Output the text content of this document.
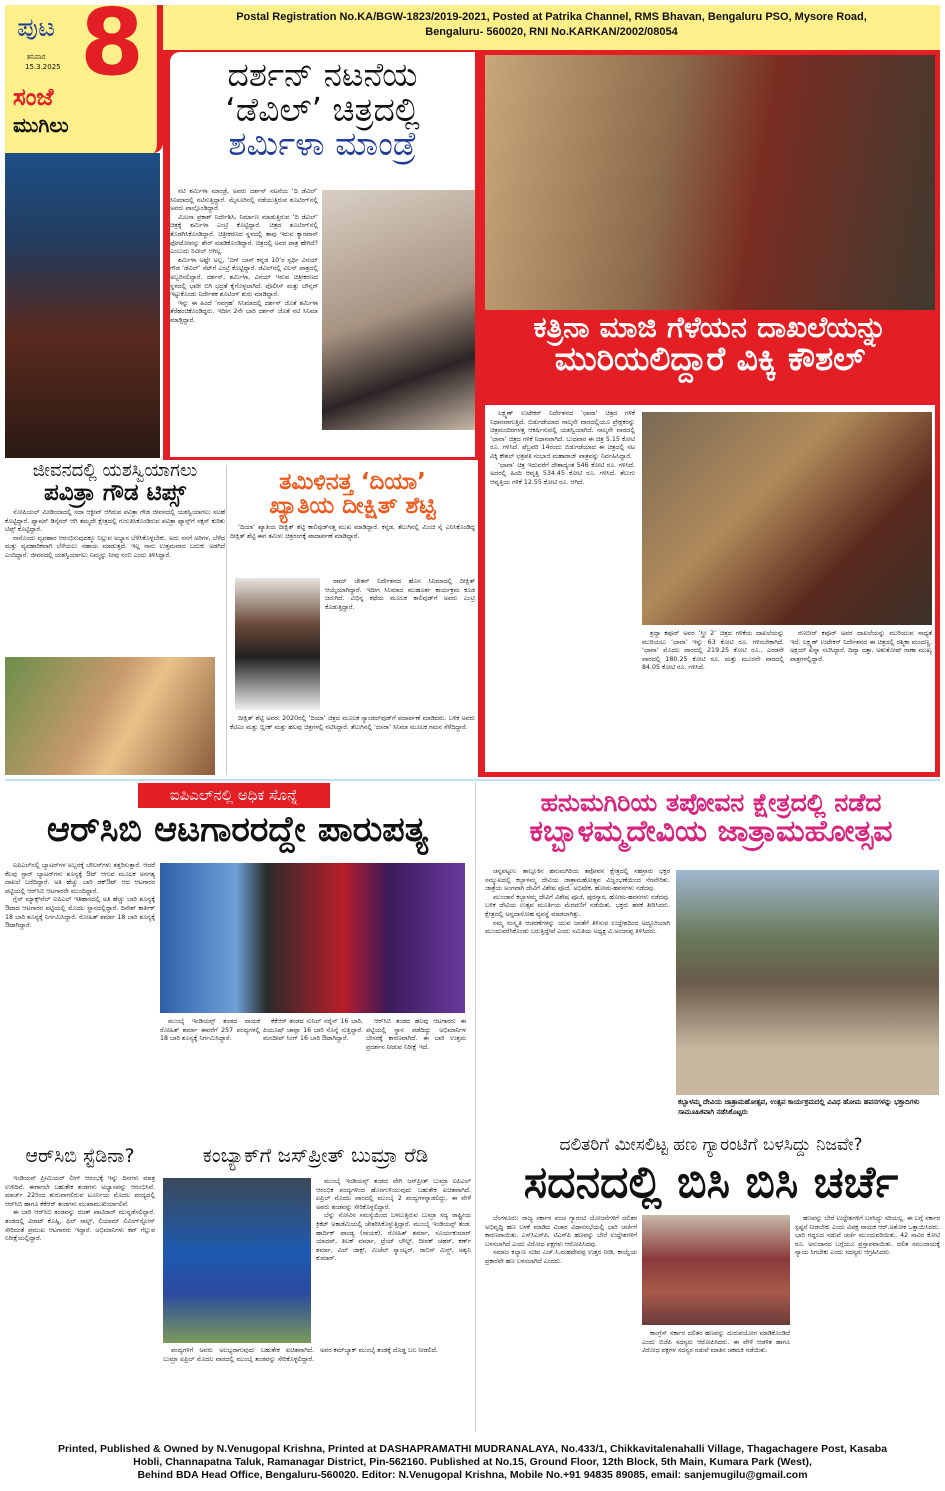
ಪುಟ 8
ಶನಿವಾರ
15.3.2025
ಸಂಜೆ
ಮುಗಿಲು
Postal Registration No.KA/BGW-1823/2019-2021, Posted at Patrika Channel, RMS Bhavan, Bengaluru PSO, Mysore Road,
Bengaluru- 560020, RNI No.KARKAN/2002/08054
ದರ್ಶನ್ ನಟನೆಯ
‘ಡೆವಿಲ್’ ಚಿತ್ರದಲ್ಲಿ
ಶರ್ಮಿಳಾ ಮಾಂಡ್ರೆ

ನಟಿ ಶರ್ಮಿಳಾ ಮಾಂಡ್ರೆ, ಅವರು ದರ್ಶನ್ ನಟನೆಯ ‘ದಿ ಡೆವಿಲ್’ ಸಿನಿಮಾದಲ್ಲಿ ನಟಿಸುತ್ತಿದ್ದಾರೆ. ಮೈಸೂರಿನಲ್ಲಿ ನಡೆಯುತ್ತಿರುವ ಶೂಟಿಂಗ್‌ನಲ್ಲಿ ಅವರು ಪಾಲ್ಗೊಂಡಿದ್ದಾರೆ.

ಮಿಲನಾ ಪ್ರಕಾಶ್ ನಿರ್ದೇಶಿಸಿ, ನಿರ್ಮಾಣ ಮಾಡುತ್ತಿರುವ ‘ದಿ ಡೆವಿಲ್’ ಚಿತ್ರಕ್ಕೆ ಶರ್ಮಿಳಾ ಎಂಟ್ರಿ ಕೊಟ್ಟಿದ್ದಾರೆ. ಚಿತ್ರದ ಶೂಟಿಂಗ್‌ನಲ್ಲಿ ತೊಡಗಿಸಿಕೊಂಡಿದ್ದಾರೆ. ಚಿತ್ರೀಕರಣದ ಸ್ಥಳದಲ್ಲಿ ತಾವು ಇರುವ ಕ್ಯಾರವಾನ್ ಫೋಟೋವನ್ನು ಶೇರ್ ಮಾಡಿಕೊಂಡಿದ್ದಾರೆ. ಚಿತ್ರದಲ್ಲಿ ಅವರ ಪಾತ್ರ ಹೇಗಿದೆ? ಎಂಬುದು ರಿವೀಲ್ ಆಗಿಲ್ಲ.

ಶರ್ಮಿಳಾ ಅಷ್ಟೇ ಅಲ್ಲ, ‘ಬಿಗ್ ಬಾಸ್ ಕನ್ನಡ 10’ರ ಸ್ಪರ್ಧಿ ವಿನಯ್ ಗೌಡ ‘ಡೆವಿಲ್’ ಸೆಟ್‌ಗೆ ಎಂಟ್ರಿ ಕೊಟ್ಟಿದ್ದಾರೆ. ಡೆವಿಲ್‌ನಲ್ಲಿ ವಿಲನ್ ಪಾತ್ರದಲ್ಲಿ ಅಬ್ಬರಿಸಲಿದ್ದಾರೆ. ದರ್ಶನ್, ಶರ್ಮಿಳಾ, ವಿನಯ್ ಇರುವ ಚಿತ್ರೀಕರಣದ ಸ್ಥಳದಲ್ಲಿ ಭಾರೀ ಬಿಗಿ ಭದ್ರತೆ ಕೈಗೊಳ್ಳಲಾಗಿದೆ. ಪೊಲೀಸ್ ಮತ್ತು ಬೌನ್ಸರ್ ಇಟ್ಟುಕೊಂಡು ನಿರ್ದೇಶಕ ಶೂಟಿಂಗ್ ಶುರು ಮಾಡಿದ್ದಾರೆ.

ಇನ್ನು ಈ ಹಿಂದೆ ‘ನವಗ್ರಹ’ ಸಿನಿಮಾದಲ್ಲಿ ದರ್ಶನ್ ಜೊತೆ ಶರ್ಮಿಳಾ ತೆರೆಹಂಚಿಕೊಂಡಿದ್ದರು. ಇದೀಗ 2ನೇ ಬಾರಿ ದರ್ಶನ್ ಜೊತೆ ನಟಿ ಸಿನಿಮಾ ಮಾಡ್ತಿದ್ದಾರೆ.	ಕತ್ರಿನಾ ಮಾಜಿ ಗೆಳೆಯನ ದಾಖಲೆಯನ್ನು
ಮುರಿಯಲಿದ್ದಾರೆ ವಿಕ್ಕಿ ಕೌಶಲ್

ಲಕ್ಷ್ಮಣ್ ಉಟೇಕರ್ ನಿರ್ದೇಶನದ ‘ಛಾವಾ’ ಚಿತ್ರದ ಗಳಿಕೆ ನಿಧಾನವಾಗುತ್ತಿದೆ. ಬಿಡುಗಡೆಯಾದ ನಾಲ್ಕನೇ ವಾರದಲ್ಲಿಯೂ ಪ್ರೇಕ್ಷಕರನ್ನು ಚಿತ್ರಮಂದಿರಗಳತ್ತ ಆಕರ್ಷಿಸುವಲ್ಲಿ ಯಶಸ್ವಿಯಾಗಿದೆ. ನಾಲ್ಕನೇ ವಾರದಲ್ಲಿ ‘ಛಾವಾ’ ಚಿತ್ರದ ಗಳಿಕೆ ನಿಧಾನವಾಗಿದೆ. ಬುಧವಾರ ಈ ಚಿತ್ರ 5.15 ಕೋಟಿ ರೂ. ಗಳಿಸಿದೆ. ಫೆಬ್ರವರಿ 14ರಂದು ಬಿಡುಗಡೆಯಾದ ಈ ಚಿತ್ರದಲ್ಲಿ ನಟ ವಿಕ್ಕಿ ಕೌಶಲ್ ಛತ್ರಪತಿ ಸಂಭಾಜಿ ಮಹಾರಾಜ್ ಪಾತ್ರವನ್ನು ನಿರ್ವಹಿಸಿದ್ದಾರೆ.

‘ಛಾವಾ’ ಚಿತ್ರ ಇದುವರೆಗೆ ದೇಶಾದ್ಯಂತ 546 ಕೋಟಿ ರೂ. ಗಳಿಸಿದೆ. ಅದರಲ್ಲಿ ಹಿಂದಿ ಆವೃತ್ತಿ 534.45 ಕೋಟಿ ರೂ. ಗಳಿಸಿದೆ. ತೆಲುಗು ಆವೃತ್ತಿಯ ಗಳಿಕೆ 12.55 ಕೋಟಿ ರೂ. ಆಗಿದೆ.

ಶ್ರದ್ಧಾ ಕಪೂರ್ ಅವರ ‘ಸ್ತ್ರೀ 2’ ಚಿತ್ರದ ಗಳಿಕೆಯ ದಾಖಲೆಯನ್ನು ಮುರಿಯಲು ‘ಛಾವಾ’ ಇನ್ನು 63 ಕೋಟಿ ರೂ. ಗಳಿಸಬೇಕಾಗಿದೆ. ‘ಛಾವಾ’ ಮೊದಲ ವಾರದಲ್ಲಿ 219.25 ಕೋಟಿ ರೂ., ಎರಡನೇ ವಾರದಲ್ಲಿ 180.25 ಕೋಟಿ ರೂ. ಮತ್ತು ಮೂರನೇ ವಾರದಲ್ಲಿ 84.05 ಕೋಟಿ ರೂ. ಗಳಿಸಿದೆ.

ರಣಬೀರ್ ಕಪೂರ್ ಅವರ ದಾಖಲೆಯನ್ನು ಮುರಿಯುವ ಸಾಧ್ಯತೆ ಇದೆ. ಲಕ್ಷ್ಮಣ್ ಉಟೇಕರ್ ನಿರ್ದೇಶನದ ಈ ಚಿತ್ರದಲ್ಲಿ ರಶ್ಮಿಕಾ ಮಂದಣ್ಣ, ಅಕ್ಷಯ್ ಖನ್ನಾ ನಟಿಸಿದ್ದಾರೆ. ದಿವ್ಯಾ ದತ್ತಾ, ಅಶುತೋಷ್ ರಾಣಾ ಮುಖ್ಯ ಪಾತ್ರಗಳಲ್ಲಿದ್ದಾರೆ.

ಜೀವನದಲ್ಲಿ ಯಶಸ್ವಿಯಾಗಲು
ಪವಿತ್ರಾ ಗೌಡ ಟಿಪ್ಸ್

ಸೋಷಿಯಲ್ ಮೀಡಿಯಾದಲ್ಲಿ ಸದಾ ಆಕ್ಟೀವ್ ಆಗಿರುವ ಪವಿತ್ರಾ ಗೌಡ ಜೀವನದಲ್ಲಿ ಯಶಸ್ವಿಯಾಗಲು ಸಲಹೆ ಕೊಟ್ಟಿದ್ದಾರೆ. ಫ್ಯಾಷನ್ ಡಿಸೈನರ್ ಆಗಿ ತಮ್ಮದೇ ಕ್ಷೇತ್ರದಲ್ಲಿ ಗುರುತಿಸಿಕೊಂಡಿರುವ ಪವಿತ್ರಾ ಫ್ಯಾನ್ಸ್‌ಗೆ ಸಕ್ಸಸ್ ಕುರಿತು ಟಿಪ್ಸ್ ಕೊಟ್ಟಿದ್ದಾರೆ.

ನಾನೊಂದು ವ್ಯವಹಾರ ಆರಂಭಿಸುವುದಕ್ಕೂ ನಿಲ್ಲುವ ಅಭ್ಯಾಸ ಬೆಳೆಸಿಕೊಳ್ಳಬೇಕು. ಅದು ನನಗೆ ಅರಿಗಳ, ಬೆಳೆದ ಮತ್ತು ವ್ಯವಹಾರಿಕವಾಗಿ ಬೆಳೆಯಲು ಸಹಾಯ ಮಾಡುತ್ತದೆ. ಇಲ್ಲ ನಾನು ಉತ್ತಮವಾದ ಬದುಕು ಅಡಗಿದೆ ಎಂದಿದ್ದಾರೆ. ಜೀವನದಲ್ಲಿ ಯಶಸ್ವಿಯಾಗಲು ನಿಮ್ಮನ್ನು ನೀವು ನಂಬಿ ಎಂದು ತಿಳಿಸಿದ್ದಾರೆ.

ತಮಿಳಿನತ್ತ ‘ದಿಯಾ’
ಖ್ಯಾತಿಯ ದೀಕ್ಷಿತ್ ಶೆಟ್ಟಿ

‘ದಿಯಾ’ ಖ್ಯಾತಿಯ ದೀಕ್ಷಿತ್ ಶೆಟ್ಟಿ ಕಾಲಿವುಡ್‌ನತ್ತ ಮುಖ ಮಾಡಿದ್ದಾರೆ. ಕನ್ನಡ, ತೆಲುಗಿನಲ್ಲಿ ಮಿಂಚಿ ಸೈ ಎನಿಸಿಕೊಂಡಿದ್ದ ದೀಕ್ಷಿತ್ ಶೆಟ್ಟಿ ಈಗ ತಮಿಳು ಚಿತ್ರರಂಗಕ್ಕೆ ಪಾದಾರ್ಪಣೆ ಮಾಡಿದ್ದಾರೆ.

ರಾಮ್ ಚೇತನ್ ನಿರ್ದೇಶನದ ಹೊಸ ಸಿನಿಮಾದಲ್ಲಿ ದೀಕ್ಷಿತ್ ಆಯ್ಕೆಯಾಗಿದ್ದಾರೆ. ಇದೀಗ ಸಿನಿಮಾದ ಮುಹೂರ್ತ ಕಾರ್ಯಕ್ರಮ ಕೂಡ ಜರುಗಿದೆ. ವಿಭಿನ್ನ ಕಥೆಯ ಮೂಲಕ ಕಾಲಿವುಡ್‌ಗೆ ಅವರು ಎಂಟ್ರಿ ಕೊಡುತ್ತಿದ್ದಾರೆ.

ದೀಕ್ಷಿತ್ ಶೆಟ್ಟಿ ಅವರು 2020ರಲ್ಲಿ ‘ದಿಯಾ’ ಚಿತ್ರದ ಮೂಲಕ ಸ್ಯಾಂಡಲ್‌ವುಡ್‌ಗೆ ಪದಾರ್ಪಣೆ ಮಾಡಿದರು. ಬಳಿಕ ಅವರು ಕೆಟಿಎಂ ಮತ್ತು ಬ್ಲಿಂಕ್ ಮತ್ತು ಹಲವು ಚಿತ್ರಗಳಲ್ಲಿ ನಟಿಸಿದ್ದಾರೆ. ತೆಲುಗಿನಲ್ಲಿ ‘ದಸರಾ’ ಸಿನಿಮಾ ಮೂಲಕ ಗಮನ ಸೆಳೆದಿದ್ದಾರೆ.

ಐಪಿಎಲ್‌ನಲ್ಲಿ ಅಧಿಕ ಸೊನ್ನೆ
ಆರ್‌ಸಿಬಿ ಆಟಗಾರರದ್ದೇ ಪಾರುಪತ್ಯ

ಐಪಿಎಲ್‌ನಲ್ಲಿ ಬ್ಯಾಟರ್‌ಗಳ ಅಬ್ಬರಕ್ಕೆ ಬೌಲರ್‌ಗಳು ತತ್ತರಿಸುತ್ತಾರೆ. ಆದರೆ ಕೆಲವು ಸ್ಟಾರ್ ಬ್ಯಾಟರ್‌ಗಳು ಶೂನ್ಯಕ್ಕೆ ಔಟ್ ಆಗುವ ಮೂಲಕ ಅನಗತ್ಯ ದಾಖಲೆ ಬರೆದಿದ್ದಾರೆ. ಅತಿ ಹೆಚ್ಚು ಬಾರಿ ಡಕ್‌ಔಟ್ ಆದ ಆಟಗಾರರ ಪಟ್ಟಿಯಲ್ಲಿ ಆರ್‌ಸಿಬಿ ಆಟಗಾರರೇ ಮುಂದಿದ್ದಾರೆ.

ಗ್ಲೆನ್ ಮ್ಯಾಕ್ಸ್‌ವೆಲ್ ಐಪಿಎಲ್ ಇತಿಹಾಸದಲ್ಲಿ ಅತಿ ಹೆಚ್ಚು ಬಾರಿ ಶೂನ್ಯಕ್ಕೆ ಔಟಾದ ಆಟಗಾರರ ಪಟ್ಟಿಯಲ್ಲಿ ಮೊದಲ ಸ್ಥಾನದಲ್ಲಿದ್ದಾರೆ. ದಿನೇಶ್ ಕಾರ್ತಿಕ್ 18 ಬಾರಿ ಶೂನ್ಯಕ್ಕೆ ನಿರ್ಗಮಿಸಿದ್ದಾರೆ. ರೋಹಿತ್ ಶರ್ಮಾ 18 ಬಾರಿ ಶೂನ್ಯಕ್ಕೆ ಔಟಾಗಿದ್ದಾರೆ.

ಮುಂಬೈ ಇಂಡಿಯನ್ಸ್ ತಂಡದ ನಾಯಕ ರೋಹಿತ್ ಶರ್ಮಾ ಈವರೆಗೆ 257 ಪಂದ್ಯಗಳಲ್ಲಿ 18 ಬಾರಿ ಶೂನ್ಯಕ್ಕೆ ನಿರ್ಗಮಿಸಿದ್ದಾರೆ.

ಕೆಕೆಆರ್ ತಂಡದ ಸುನಿಲ್ ನರೈನ್ 16 ಬಾರಿ, ಪಿಯೂಷ್ ಚಾವ್ಲಾ 16 ಬಾರಿ ಸೊನ್ನೆ ಸುತ್ತಿದ್ದಾರೆ. ಮನದೀಪ್ ಸಿಂಗ್ 16 ಬಾರಿ ಔಟಾಗಿದ್ದಾರೆ.

ಆರ್‌ಸಿಬಿ ತಂಡದ ಹಲವು ಆಟಗಾರರು ಈ ಪಟ್ಟಿಯಲ್ಲಿ ಸ್ಥಾನ ಪಡೆದಿದ್ದು ಅಭಿಮಾನಿಗಳ ಬೇಸರಕ್ಕೆ ಕಾರಣವಾಗಿದೆ. ಈ ಬಾರಿ ಉತ್ತಮ ಪ್ರದರ್ಶನ ನೀಡುವ ನಿರೀಕ್ಷೆ ಇದೆ.

ಹನುಮಗಿರಿಯ ತಪೋವನ ಕ್ಷೇತ್ರದಲ್ಲಿ ನಡೆದ
ಕಬ್ಬಾಳಮ್ಮದೇವಿಯ ಜಾತ್ರಾಮಹೋತ್ಸವ

ಚನ್ನಪಟ್ಟಣ: ತಾಲ್ಲೂಕಿನ ಹನುಮಗಿರಿಯ ತಪೋವನ ಕ್ಷೇತ್ರದಲ್ಲಿ ಸಹಸ್ರಾರು ಭಕ್ತರ ಸಮ್ಮುಖದಲ್ಲಿ ಕಬ್ಬಾಳಮ್ಮ ದೇವಿಯ ಜಾತ್ರಾಮಹೋತ್ಸವ ವಿಜೃಂಭಣೆಯಿಂದ ನೆರವೇರಿತು. ಜಾತ್ರೆಯ ಅಂಗವಾಗಿ ದೇವಿಗೆ ವಿಶೇಷ ಪೂಜೆ, ಅಭಿಷೇಕ, ಹೋಮ-ಹವನಗಳು ನಡೆದವು.

ಮುಂಜಾನೆ ಕಬ್ಬಾಳಮ್ಮ ದೇವಿಗೆ ವಿಶೇಷ ಪೂಜೆ, ಪುರಸ್ಕಾರ, ಹೋಮ-ಹವನಗಳು ನಡೆದವು. ಬಳಿಕ ದೇವಿಯ ಉತ್ಸವ ಮೂರ್ತಿಯ ಮೆರವಣಿಗೆ ನಡೆಯಿತು. ಭಕ್ತರು ಹರಕೆ ತೀರಿಸಿದರು. ಕ್ಷೇತ್ರದಲ್ಲಿ ಅನ್ನದಾಸೋಹ ವ್ಯವಸ್ಥೆ ಮಾಡಲಾಗಿತ್ತು.

ನಮ್ಮ ಸಂಸ್ಕೃತಿ ಆಚರಣೆಗಳನ್ನು ಯುವ ಜನತೆಗೆ ತಿಳಿಸುವ ಉದ್ದೇಶದಿಂದ ಅದ್ಧೂರಿಯಾಗಿ ಮುಂದುವರೆಸಿಕೊಂಡು ಬರುತ್ತಿದ್ದೇವೆ ಎಂದು ಸಮಿತಿಯ ಅಧ್ಯಕ್ಷ ವಿ.ಅಂಜನಪ್ಪ ತಿಳಿಸಿದರು.

ಕಬ್ಬಾಳಮ್ಮ ದೇವಿಯ ಜಾತ್ರಾಮಹೋತ್ಸವ, ಉತ್ಸವ ಕಾರ್ಯಕ್ರಮದಲ್ಲಿ ವಿವಿಧ ಹೋಮ ಹವನಗಳನ್ನು ಭಕ್ತಾದಿಗಳು ಸಾಮೂಹಿಕವಾಗಿ ನಡೆಸಿಕೊಟ್ಟರು
ಆರ್‌ಸಿಬಿ ಸ್ಟೆಡಿನಾ?

ಇಂಡಿಯನ್ ಪ್ರೀಮಿಯರ್ ಲೀಗ್ ಆರಂಭಕ್ಕೆ ಇನ್ನು ದಿನಗಳು ಮಾತ್ರ ಉಳಿದಿವೆ. ಈಗಾಗಲೇ ಬಹುತೇಕ ತಂಡಗಳು ಅಭ್ಯಾಸವನ್ನು ಆರಂಭಿಸಿವೆ. ಮಾರ್ಚ್ 22ರಿಂದ ಶುರುವಾಗಲಿರುವ ಟೂರ್ನಿಯ ಮೊದಲ ಪಂದ್ಯದಲ್ಲಿ ಆರ್‌ಸಿಬಿ ಹಾಗೂ ಕೆಕೆಆರ್ ತಂಡಗಳು ಮುಖಾಮುಖಿಯಾಗಲಿವೆ.

ಈ ಬಾರಿ ಆರ್‌ಸಿಬಿ ತಂಡವನ್ನು ರಜತ್ ಪಾಟಿದಾರ್ ಮುನ್ನಡೆಸಲಿದ್ದಾರೆ. ತಂಡದಲ್ಲಿ ವಿರಾಟ್ ಕೊಹ್ಲಿ, ಫಿಲ್ ಸಾಲ್ಟ್, ಲಿಯಾಮ್ ಲಿವಿಂಗ್‌ಸ್ಟೋನ್ ಸೇರಿದಂತೆ ಪ್ರಮುಖ ಆಟಗಾರರು ಇದ್ದಾರೆ. ಅಭಿಮಾನಿಗಳು ಕಪ್ ಗೆಲ್ಲುವ ನಿರೀಕ್ಷೆಯಲ್ಲಿದ್ದಾರೆ.

ಕಂಬ್ಯಾಕ್‌ಗೆ ಜಸ್‌ಪ್ರೀತ್ ಬುಮ್ರಾ ರೆಡಿ

ಮುಂಬೈ ಇಂಡಿಯನ್ಸ್ ತಂಡದ ವೇಗಿ ಜಸ್‌ಪ್ರೀತ್ ಬುಮ್ರಾ ಐಪಿಎಲ್ ಆರಂಭಿಕ ಪಂದ್ಯಗಳಿಂದ ಹೊರಗುಳಿಯುವುದು ಬಹುತೇಕ ಖಚಿತವಾಗಿದೆ. ಏಪ್ರಿಲ್ ಮೊದಲ ವಾರದಲ್ಲಿ ಮುಂಬೈ 2 ಪಂದ್ಯಗಳನ್ನಾಡಲಿದ್ದು, ಈ ವೇಳೆ ಅವರು ತಂಡವನ್ನು ಸೇರಿಕೊಳ್ಳಲಿದ್ದಾರೆ.

ಬೆನ್ನು ನೋವಿನ ಸಮಸ್ಯೆಯಿಂದ ಬಳಲುತ್ತಿರುವ ಬುಮ್ರಾ ಸದ್ಯ ರಾಷ್ಟ್ರೀಯ ಕ್ರಿಕೆಟ್ ಅಕಾಡೆಮಿಯಲ್ಲಿ ಚೇತರಿಸಿಕೊಳ್ಳುತ್ತಿದ್ದಾರೆ. ಮುಂಬೈ ಇಂಡಿಯನ್ಸ್ ತಂಡ: ಹಾರ್ದಿಕ್ ಪಾಂಡ್ಯ (ನಾಯಕ), ರೋಹಿತ್ ಶರ್ಮಾ, ಸೂರ್ಯಕುಮಾರ್ ಯಾದವ್, ತಿಲಕ್ ವರ್ಮಾ, ಟ್ರೆಂಟ್ ಬೌಲ್ಟ್, ದೀಪಕ್ ಚಹರ್, ಕರ್ಣ್ ಶರ್ಮಾ, ವಿಲ್ ಜಾಕ್ಸ್, ಮಿಚೆಲ್ ಸ್ಯಾಂಟ್ನರ್, ರಾಬಿನ್ ಮಿನ್ಜ್, ಅಶ್ವನಿ ಕುಮಾರ್.

ಪಂದ್ಯಗಳಿಗೆ ಅವರು ಅಲಭ್ಯರಾಗುವುದು ಬಹುತೇಕ ಖಚಿತವಾಗಿದೆ. ಬುಮ್ರಾ ಏಪ್ರಿಲ್ ಮೊದಲ ವಾರದಲ್ಲಿ ಮುಂಬೈ ತಂಡವನ್ನು ಸೇರಿಕೊಳ್ಳಲಿದ್ದಾರೆ. ಅವರ ಕಮ್‌ಬ್ಯಾಕ್ ಮುಂಬೈ ತಂಡಕ್ಕೆ ದೊಡ್ಡ ಬಲ ನೀಡಲಿದೆ.

ದಲಿತರಿಗೆ ಮೀಸಲಿಟ್ಟ ಹಣ ಗ್ಯಾರಂಟಿಗೆ ಬಳಸಿದ್ದು ನಿಜವೇ?
ಸದನದಲ್ಲಿ ಬಿಸಿ ಬಿಸಿ ಚರ್ಚೆ

ಬೆಂಗಳೂರು: ರಾಜ್ಯ ಸರ್ಕಾರ ಪಂಚ ಗ್ಯಾರಂಟಿ ಯೋಜನೆಗಳಿಗೆ ದಲಿತರ ಅಭಿವೃದ್ಧಿ ಹಣ ಬಳಕೆ ಮಾಡಿದ ವಿಚಾರ ವಿಧಾನಸಭೆಯಲ್ಲಿ ಭಾರಿ ಚರ್ಚೆಗೆ ಕಾರಣವಾಯಿತು. ಎಸ್‌ಸಿಎಸ್‌ಪಿ, ಟಿಎಸ್‌ಪಿ ಹಣವನ್ನು ಬೇರೆ ಉದ್ದೇಶಗಳಿಗೆ ಬಳಸಲಾಗಿದೆ ಎಂದು ವಿರೋಧ ಪಕ್ಷಗಳು ಆರೋಪಿಸಿದವು.

ಸಮಾಜ ಕಲ್ಯಾಣ ಸಚಿವ ಎಚ್.ಸಿ.ಮಹದೇವಪ್ಪ ಉತ್ತರ ನೀಡಿ, ಕಾಯ್ದೆಯ ಪ್ರಕಾರವೇ ಹಣ ಬಳಸಲಾಗಿದೆ ಎಂದರು.

ಕಾಂಗ್ರೆಸ್ ಸರ್ಕಾರ ದಲಿತರ ಹಣವನ್ನು ದುರುಪಯೋಗ ಮಾಡಿಕೊಂಡಿದೆ ಎಂದು ಬಿಜೆಪಿ ಸದಸ್ಯರು ಆರೋಪಿಸಿದರು. ಈ ವೇಳೆ ಆಡಳಿತ ಹಾಗೂ ವಿರೋಧ ಪಕ್ಷಗಳ ಸದಸ್ಯರ ನಡುವೆ ಮಾತಿನ ಚಕಮಕಿ ನಡೆಯಿತು.

ಹಣವನ್ನು ಬೇರೆ ಉದ್ದೇಶಗಳಿಗೆ ಬಳಸಿದ್ದು ಸರಿಯಲ್ಲ. ಈ ಬಗ್ಗೆ ಸರ್ಕಾರ ಸ್ಪಷ್ಟನೆ ನೀಡಬೇಕು ಎಂದು ವಿಪಕ್ಷ ನಾಯಕ ಆರ್.ಅಶೋಕ ಒತ್ತಾಯಿಸಿದರು. ಭಾರಿ ಗದ್ದಲದ ನಡುವೆ ಚರ್ಚೆ ಮುಂದುವರಿಯಿತು. 42 ಸಾವಿರ ಕೋಟಿ ರೂ. ಅನುದಾನದ ಬಗ್ಗೆಯೂ ಪ್ರಸ್ತಾಪವಾಯಿತು. ದಲಿತ ಸಮುದಾಯಕ್ಕೆ ನ್ಯಾಯ ಸಿಗಬೇಕು ಎಂದು ಸದಸ್ಯರು ಆಗ್ರಹಿಸಿದರು.

Printed, Published & Owned by N.Venugopal Krishna, Printed at DASHAPRAMATHI MUDRANALAYA, No.433/1, Chikkavitalenahalli Village, Thagachagere Post, Kasaba
Hobli, Channapatna Taluk, Ramanagar District, Pin-562160. Published at No.15, Ground Floor, 12th Block, 5th Main, Kumara Park (West),
Behind BDA Head Office, Bengaluru-560020. Editor: N.Venugopal Krishna, Mobile No.+91 94835 89085, email: sanjemugilu@gmail.com
